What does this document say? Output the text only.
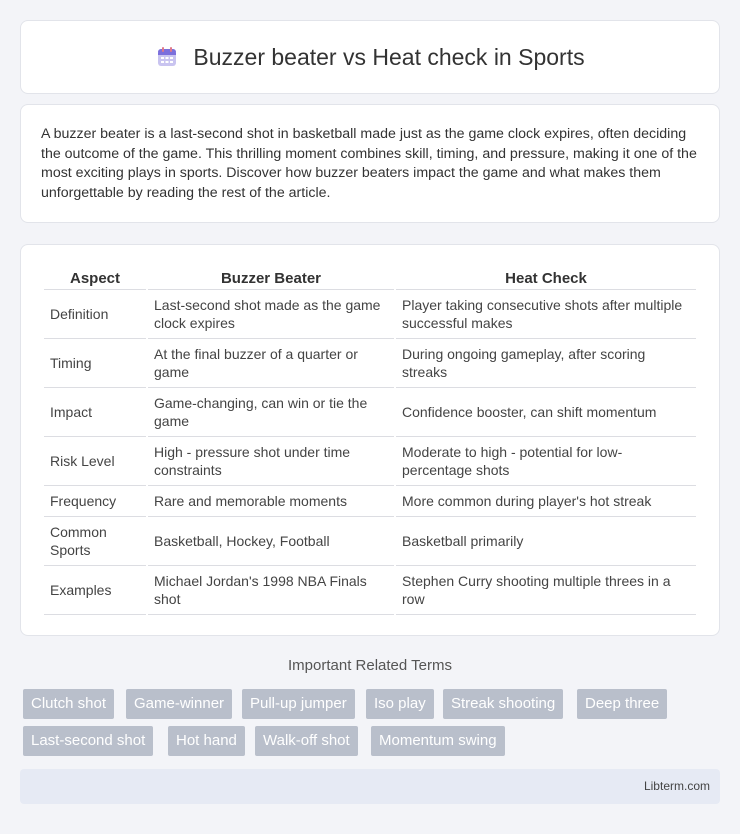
Buzzer beater vs Heat check in Sports

A buzzer beater is a last-second shot in basketball made just as the game clock expires, often deciding the outcome of the game. This thrilling moment combines skill, timing, and pressure, making it one of the most exciting plays in sports. Discover how buzzer beaters impact the game and what makes them unforgettable by reading the rest of the article.

Aspect	Buzzer Beater	Heat Check
Definition	Last-second shot made as the game clock expires	Player taking consecutive shots after multiple successful makes
Timing	At the final buzzer of a quarter or game	During ongoing gameplay, after scoring streaks
Impact	Game-changing, can win or tie the game	Confidence booster, can shift momentum
Risk Level	High - pressure shot under time constraints	Moderate to high - potential for low-percentage shots
Frequency	Rare and memorable moments	More common during player's hot streak
Common Sports	Basketball, Hockey, Football	Basketball primarily
Examples	Michael Jordan's 1998 NBA Finals shot	Stephen Curry shooting multiple threes in a row
Important Related Terms
Clutch shot	Game-winner	Pull-up jumper	Iso play	Streak shooting	Deep three
Last-second shot	Hot hand	Walk-off shot	Momentum swing
Libterm.com
